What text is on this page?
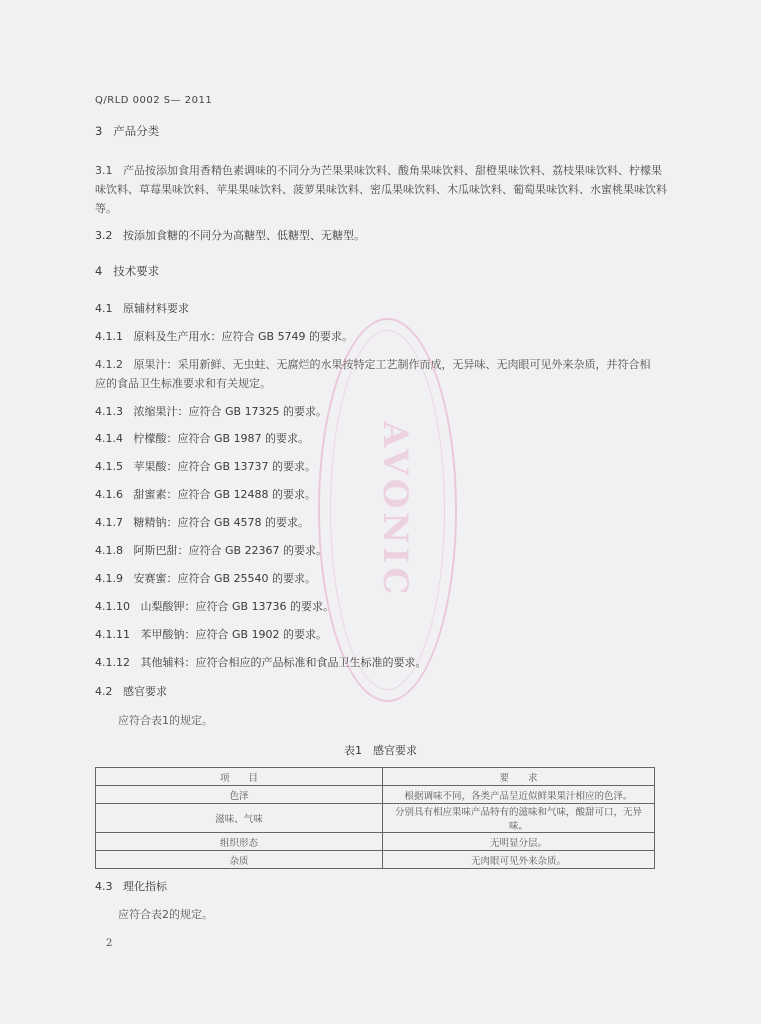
Q/RLD 0002 S— 2011
3 产品分类
3.1 产品按添加食用香精色素调味的不同分为芒果果味饮料、酸角果味饮料、甜橙果味饮料、荔枝果味饮料、柠檬果味饮料、草莓果味饮料、苹果果味饮料、菠萝果味饮料、密瓜果味饮料、木瓜味饮料、葡萄果味饮料、水蜜桃果味饮料等。
3.2 按添加食糖的不同分为高糖型、低糖型、无糖型。
4 技术要求
4.1 原辅材料要求
4.1.1 原料及生产用水：应符合 GB 5749 的要求。
4.1.2 原果汁：采用新鲜、无虫蛀、无腐烂的水果按特定工艺制作而成，无异味、无肉眼可见外来杂质，并符合相应的食品卫生标准要求和有关规定。
4.1.3 浓缩果汁：应符合 GB 17325 的要求。
4.1.4 柠檬酸：应符合 GB 1987 的要求。
4.1.5 苹果酸：应符合 GB 13737 的要求。
4.1.6 甜蜜素：应符合 GB 12488 的要求。
4.1.7 糖精钠：应符合 GB 4578 的要求。
4.1.8 阿斯巴甜：应符合 GB 22367 的要求。
4.1.9 安赛蜜：应符合 GB 25540 的要求。
4.1.10 山梨酸钾：应符合 GB 13736 的要求。
4.1.11 苯甲酸钠：应符合 GB 1902 的要求。
4.1.12 其他辅料：应符合相应的产品标准和食品卫生标准的要求。
4.2 感官要求
应符合表1的规定。
表1　感官要求
项　　目	要　　求
色泽	根据调味不同，各类产品呈近似鲜果果汁相应的色泽。
滋味、气味	分别具有相应果味产品特有的滋味和气味，酸甜可口，无异味。
组织形态	无明显分层。
杂质	无肉眼可见外来杂质。
4.3 理化指标
应符合表2的规定。
2
AVONIC
